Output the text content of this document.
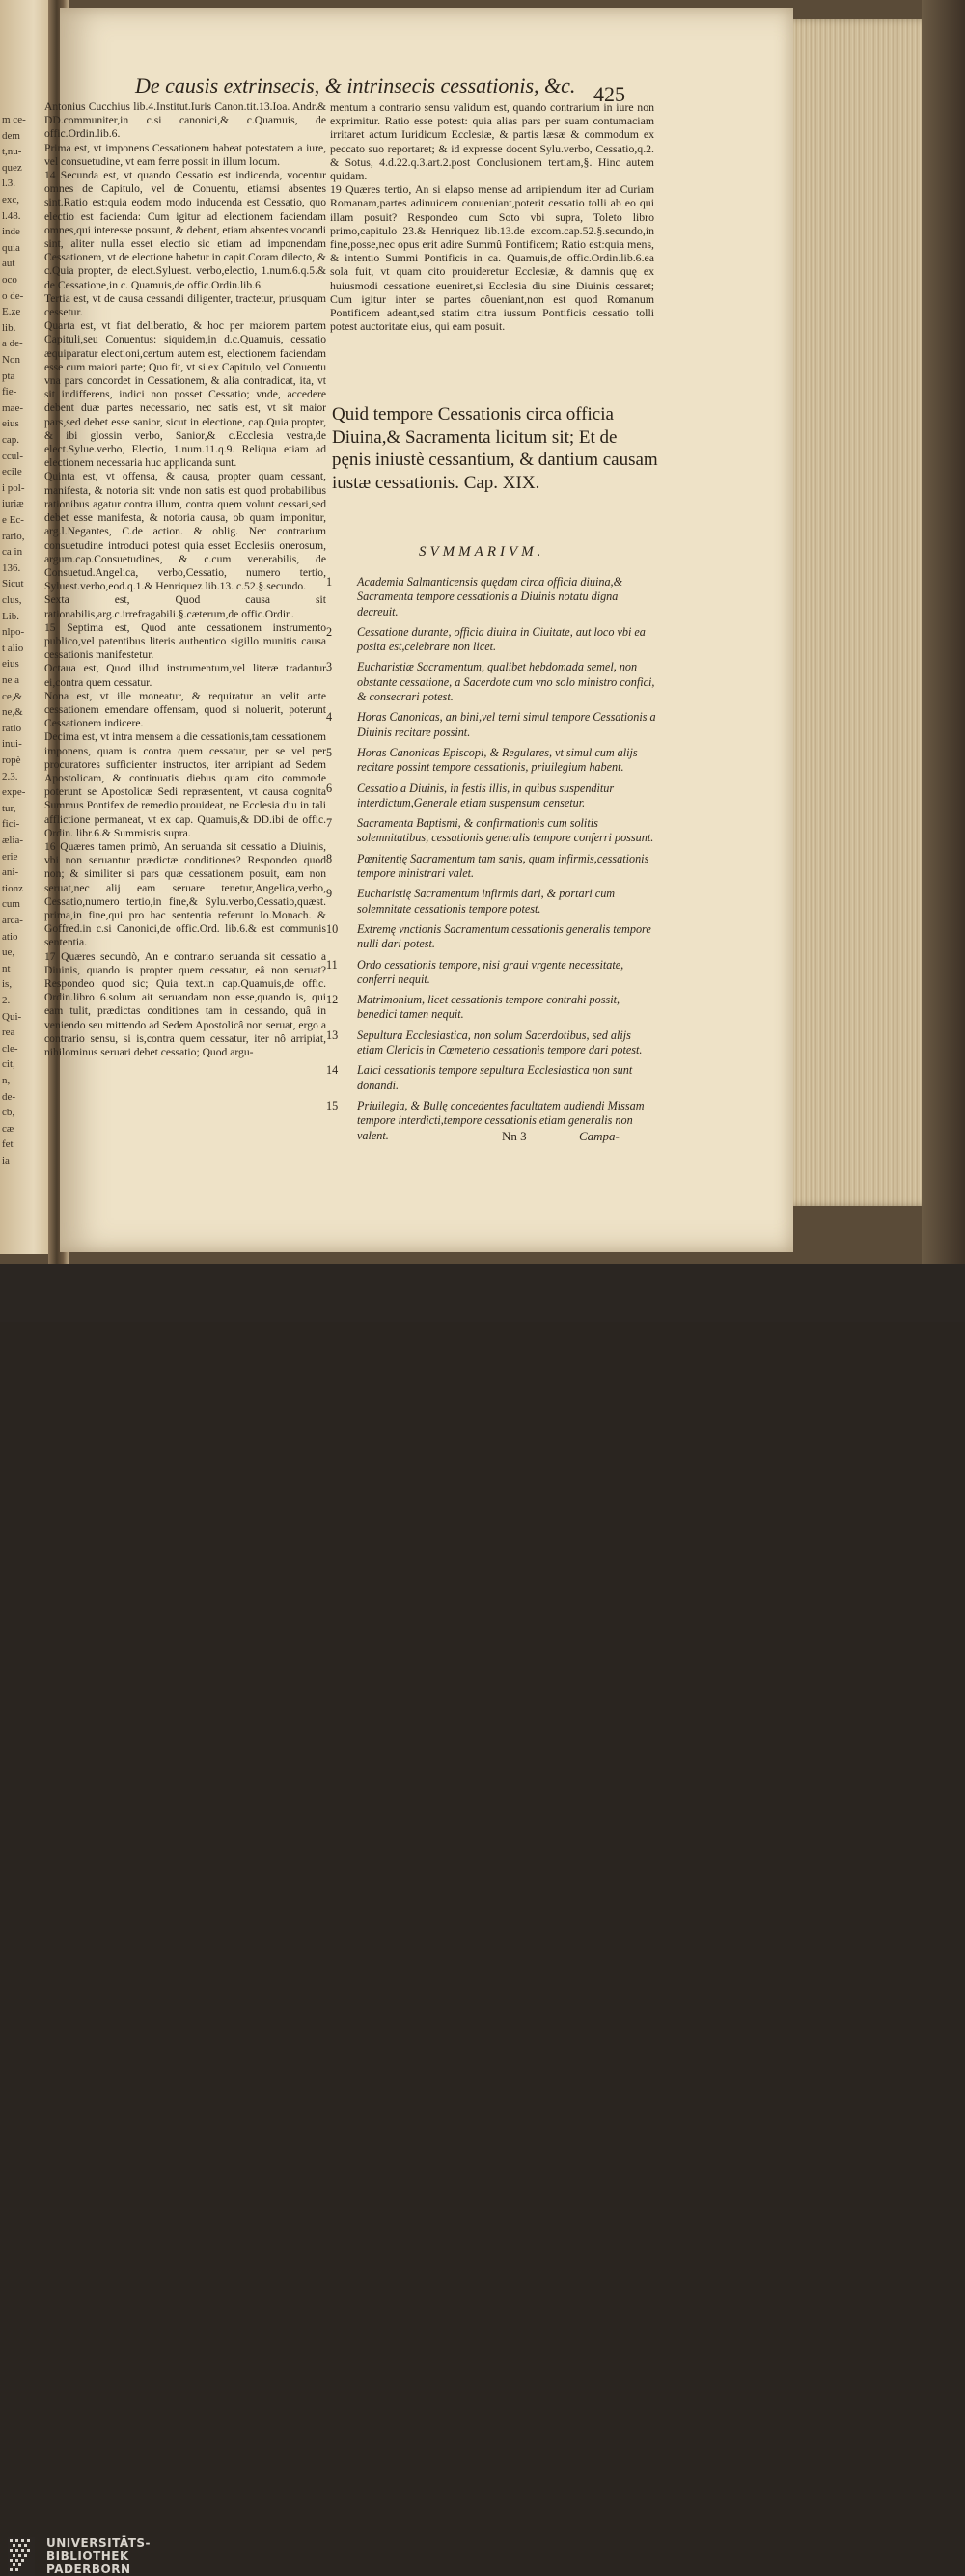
m ce-
dem
t,nu-
quez
l.3.
exc,
l.48.
inde
quia
aut
oco
o de-
E.ze
lib.
a de-
Non
pta
fie-
mae-
eius
cap.
ccul-
ecile
i pol-
iuriæ
e Ec-
rario,
ca in
136.
Sicut
clus,
Lib.
nlpo-
t alio
eius
ne a
ce,&
ne,&
ratio
inui-
ropè
2.3.
expe-
tur,
fici-
ælia-
erie
ani-
tionz
cum
arca-
atio
ue,
nt
is,
2.
Qui-
rea
cle-
cit,
n,
de-
cb,
cæ
fet
ia
De causis extrinsecis, & intrinsecis cessationis, &c. 425

Antonius Cucchius lib.4.Institut.Iuris Canon.tit.13.Ioa. Andr.& DD.communiter,in c.si canonici,& c.Quamuis, de offic.Ordin.lib.6.

Prima est, vt imponens Cessationem habeat potestatem a iure, vel consuetudine, vt eam ferre possit in illum locum.

14 Secunda est, vt quando Cessatio est indicenda, vocentur omnes de Capitulo, vel de Conuentu, etiamsi absentes sint.Ratio est:quia eodem modo inducenda est Cessatio, quo electio est facienda: Cum igitur ad electionem faciendam omnes,qui interesse possunt, & debent, etiam absentes vocandi sint, aliter nulla esset electio sic etiam ad imponendam Cessationem, vt de electione habetur in capit.Coram dilecto, & c.Quia propter, de elect.Syluest. verbo,electio, 1.num.6.q.5.& de Cessatione,in c. Quamuis,de offic.Ordin.lib.6.

Tertia est, vt de causa cessandi diligenter, tractetur, priusquam cessetur.

Quarta est, vt fiat deliberatio, & hoc per maiorem partem Capituli,seu Conuentus: siquidem,in d.c.Quamuis, cessatio æquiparatur electioni,certum autem est, electionem faciendam esse cum maiori parte; Quo fit, vt si ex Capitulo, vel Conuentu vna pars concordet in Cessationem, & alia contradicat, ita, vt sit indifferens, indici non posset Cessatio; vnde, accedere debent duæ partes necessario, nec satis est, vt sit maior pars,sed debet esse sanior, sicut in electione, cap.Quia propter, & ibi glossin verbo, Sanior,& c.Ecclesia vestra,de elect.Sylue.verbo, Electio, 1.num.11.q.9. Reliqua etiam ad electionem necessaria huc applicanda sunt.

Quinta est, vt offensa, & causa, propter quam cessant, manifesta, & notoria sit: vnde non satis est quod probabilibus rationibus agatur contra illum, contra quem volunt cessari,sed debet esse manifesta, & notoria causa, ob quam imponitur, arg.l.Negantes, C.de action. & oblig. Nec contrarium consuetudine introduci potest quia esset Ecclesiis onerosum, argum.cap.Consuetudines, & c.cum venerabilis, de Consuetud.Angelica, verbo,Cessatio, numero tertio, Syluest.verbo,eod.q.1.& Henriquez lib.13. c.52.§.secundo.

Sexta est, Quod causa sit rationabilis,arg.c.irrefragabili.§.cæterum,de offic.Ordin.

15 Septima est, Quod ante cessationem instrumento publico,vel patentibus literis authentico sigillo munitis causa cessationis manifestetur.

Octaua est, Quod illud instrumentum,vel literæ tradantur ei,contra quem cessatur.

Nona est, vt ille moneatur, & requiratur an velit ante cessationem emendare offensam, quod si noluerit, poterunt Cessationem indicere.

Decima est, vt intra mensem a die cessationis,tam cessationem imponens, quam is contra quem cessatur, per se vel per procuratores sufficienter instructos, iter arripiant ad Sedem Apostolicam, & continuatis diebus quam cito commode poterunt se Apostolicæ Sedi repræsentent, vt causa cognita Summus Pontifex de remedio prouideat, ne Ecclesia diu in tali afflictione permaneat, vt ex cap. Quamuis,& DD.ibi de offic. Ordin. libr.6.& Summistis supra.

16 Quæres tamen primò, An seruanda sit cessatio a Diuinis, vbi non seruantur prædictæ conditiones? Respondeo quod non; & similiter si pars quæ cessationem posuit, eam non seruat,nec alij eam seruare tenetur,Angelica,verbo, Cessatio,numero tertio,in fine,& Sylu.verbo,Cessatio,quæst. prima,in fine,qui pro hac sententia referunt Io.Monach. & Goffred.in c.si Canonici,de offic.Ord. lib.6.& est communis sententia.

17 Quæres secundò, An e contrario seruanda sit cessatio a Diuinis, quando is propter quem cessatur, eâ non seruat? Respondeo quod sic; Quia text.in cap.Quamuis,de offic. Ordin.libro 6.solum ait seruandam non esse,quando is, qui eam tulit, prædictas conditiones tam in cessando, quâ in veniendo seu mittendo ad Sedem Apostolicâ non seruat, ergo a contrario sensu, si is,contra quem cessatur, iter nô arripiat, nihilominus seruari debet cessatio; Quod argu-

mentum a contrario sensu validum est, quando contrarium in iure non exprimitur. Ratio esse potest: quia alias pars per suam contumaciam irritaret actum Iuridicum Ecclesiæ, & partis læsæ & commodum ex peccato suo reportaret; & id expresse docent Sylu.verbo, Cessatio,q.2. & Sotus, 4.d.22.q.3.art.2.post Conclusionem tertiam,§. Hinc autem quidam.

19 Quæres tertio, An si elapso mense ad arripiendum iter ad Curiam Romanam,partes adinuicem conueniant,poterit cessatio tolli ab eo qui illam posuit? Respondeo cum Soto vbi supra, Toleto libro primo,capitulo 23.& Henriquez lib.13.de excom.cap.52.§.secundo,in fine,posse,nec opus erit adire Summû Pontificem; Ratio est:quia mens, & intentio Summi Pontificis in ca. Quamuis,de offic.Ordin.lib.6.ea sola fuit, vt quam cito prouideretur Ecclesiæ, & damnis quę ex huiusmodi cessatione eueniret,si Ecclesia diu sine Diuinis cessaret; Cum igitur inter se partes côueniant,non est quod Romanum Pontificem adeant,sed statim citra iussum Pontificis cessatio tolli potest auctoritate eius, qui eam posuit.

Quid tempore Cessationis circa officia Diuina,& Sacramenta licitum sit; Et de pęnis iniustè cessantium, & dantium causam iustæ cessationis. Cap. XIX.
SVMMARIVM.
1	Academia Salmanticensis quędam circa officia diuina,& Sacramenta tempore cessationis a Diuinis notatu digna decreuit.
2	Cessatione durante, officia diuina in Ciuitate, aut loco vbi ea posita est,celebrare non licet.
3	Eucharistiæ Sacramentum, qualibet hebdomada semel, non obstante cessatione, a Sacerdote cum vno solo ministro confici, & consecrari potest.
4	Horas Canonicas, an bini,vel terni simul tempore Cessationis a Diuinis recitare possint.
5	Horas Canonicas Episcopi, & Regulares, vt simul cum alijs recitare possint tempore cessationis, priuilegium habent.
6	Cessatio a Diuinis, in festis illis, in quibus suspenditur interdictum,Generale etiam suspensum censetur.
7	Sacramenta Baptismi, & confirmationis cum solitis solemnitatibus, cessationis generalis tempore conferri possunt.
8	Pœnitentię Sacramentum tam sanis, quam infirmis,cessationis tempore ministrari valet.
9	Eucharistię Sacramentum infirmis dari, & portari cum solemnitate cessationis tempore potest.
10	Extremę vnctionis Sacramentum cessationis generalis tempore nulli dari potest.
11	Ordo cessationis tempore, nisi graui vrgente necessitate, conferri nequit.
12	Matrimonium, licet cessationis tempore contrahi possit, benedici tamen nequit.
13	Sepultura Ecclesiastica, non solum Sacerdotibus, sed alijs etiam Clericis in Cœmeterio cessationis tempore dari potest.
14	Laici cessationis tempore sepultura Ecclesiastica non sunt donandi.
15	Priuilegia, & Bullę concedentes facultatem audiendi Missam tempore interdicti,tempore cessationis etiam generalis non valent.	Nn 3	Campa-
UNIVERSITÄTS-
BIBLIOTHEK
PADERBORN
